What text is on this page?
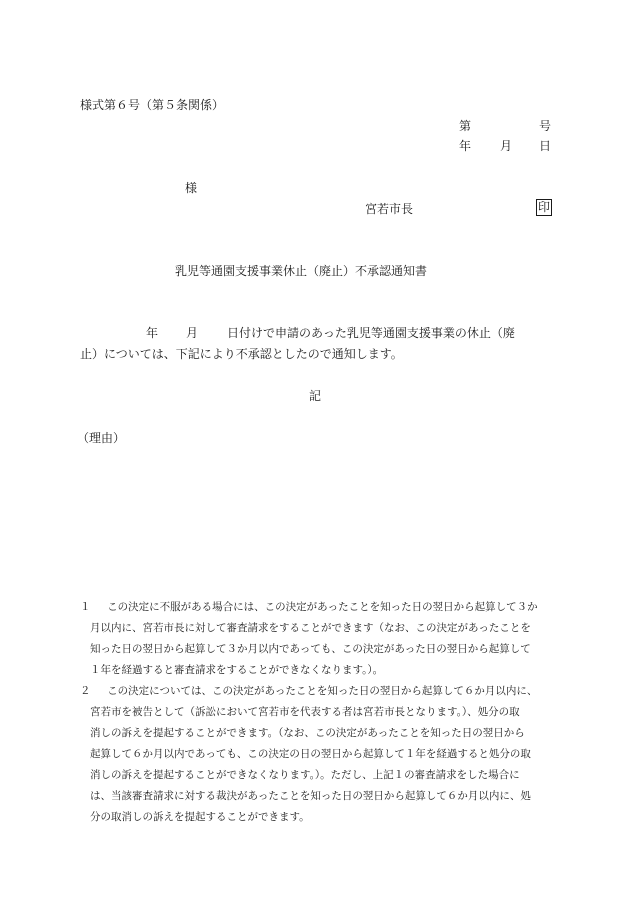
様式第６号（第５条関係）
第	号
年 月 日
様
宮若市長	印
乳児等通園支援事業休止（廃止）不承認通知書
年 月 日付けで申請のあった乳児等通園支援事業の休止（廃
止）については、下記により不承認としたので通知します。
記
（理由）
１ この決定に不服がある場合には、この決定があったことを知った日の翌日から起算して３か
月以内に、宮若市長に対して審査請求をすることができます（なお、この決定があったことを
知った日の翌日から起算して３か月以内であっても、この決定があった日の翌日から起算して
１年を経過すると審査請求をすることができなくなります。）。
２ この決定については、この決定があったことを知った日の翌日から起算して６か月以内に、
宮若市を被告として（訴訟において宮若市を代表する者は宮若市長となります。）、処分の取
消しの訴えを提起することができます。（なお、この決定があったことを知った日の翌日から
起算して６か月以内であっても、この決定の日の翌日から起算して１年を経過すると処分の取
消しの訴えを提起することができなくなります。）。ただし、上記１の審査請求をした場合に
は、当該審査請求に対する裁決があったことを知った日の翌日から起算して６か月以内に、処
分の取消しの訴えを提起することができます。
